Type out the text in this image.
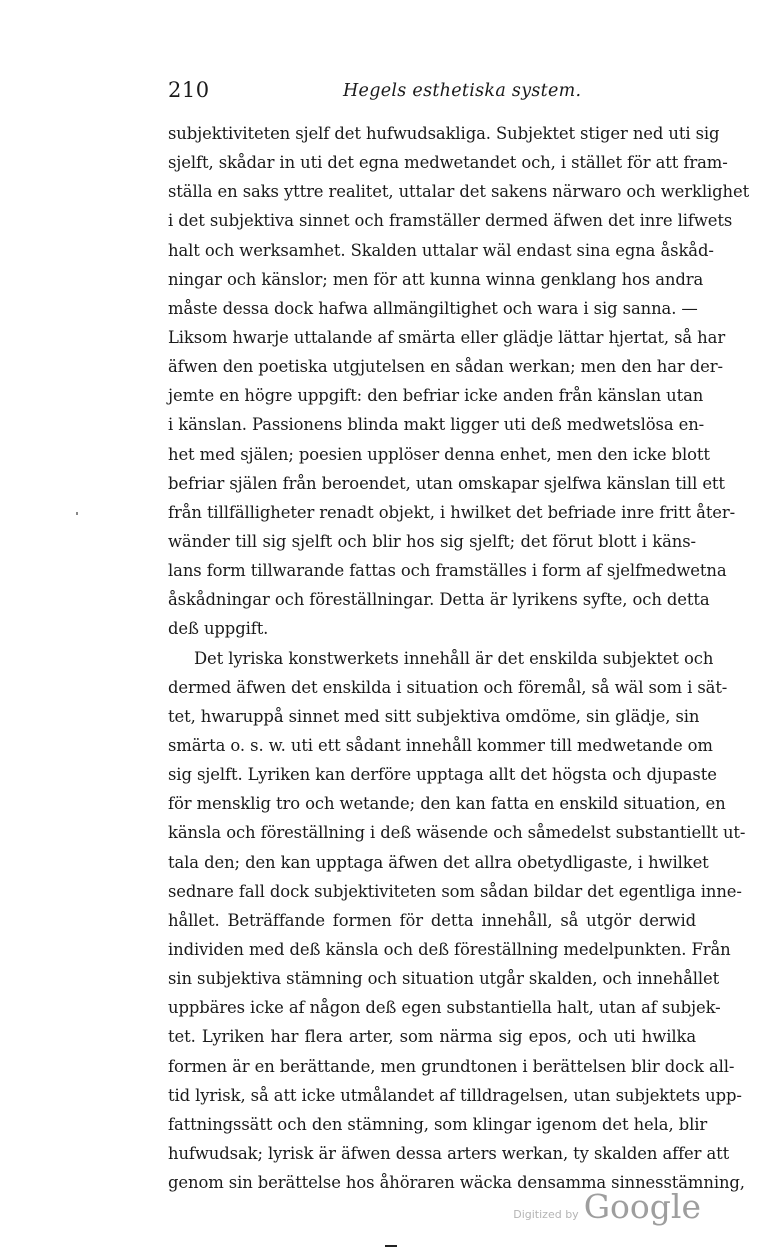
210	Hegels esthetiska system.
subjektiviteten sjelf det hufwudsakliga. Subjektet stiger ned uti sig
sjelft, skådar in uti det egna medwetandet och, i stället för att fram-
ställa en saks yttre realitet, uttalar det sakens närwaro och werklighet
i det subjektiva sinnet och framställer dermed äfwen det inre lifwets
halt och werksamhet. Skalden uttalar wäl endast sina egna åskåd-
ningar och känslor; men för att kunna winna genklang hos andra
måste dessa dock hafwa allmängiltighet och wara i sig sanna. —
Liksom hwarje uttalande af smärta eller glädje lättar hjertat, så har
äfwen den poetiska utgjutelsen en sådan werkan; men den har der-
jemte en högre uppgift: den befriar icke anden från känslan utan
i känslan. Passionens blinda makt ligger uti deß medwetslösa en-
het med själen; poesien upplöser denna enhet, men den icke blott
befriar själen från beroendet, utan omskapar sjelfwa känslan till ett
från tillfälligheter renadt objekt, i hwilket det befriade inre fritt åter-
wänder till sig sjelft och blir hos sig sjelft; det förut blott i käns-
lans form tillwarande fattas och framställes i form af sjelfmedwetna
åskådningar och föreställningar. Detta är lyrikens syfte, och detta
deß uppgift.
Det lyriska konstwerkets innehåll är det enskilda subjektet och
dermed äfwen det enskilda i situation och föremål, så wäl som i sät-
tet, hwaruppå sinnet med sitt subjektiva omdöme, sin glädje, sin
smärta o. s. w. uti ett sådant innehåll kommer till medwetande om
sig sjelft. Lyriken kan derföre upptaga allt det högsta och djupaste
för mensklig tro och wetande; den kan fatta en enskild situation, en
känsla och föreställning i deß wäsende och såmedelst substantiellt ut-
tala den; den kan upptaga äfwen det allra obetydligaste, i hwilket
sednare fall dock subjektiviteten som sådan bildar det egentliga inne-
hållet. Beträffande formen för detta innehåll, så utgör derwid
individen med deß känsla och deß föreställning medelpunkten. Från
sin subjektiva stämning och situation utgår skalden, och innehållet
uppbäres icke af någon deß egen substantiella halt, utan af subjek-
tet. Lyriken har flera arter, som närma sig epos, och uti hwilka
formen är en berättande, men grundtonen i berättelsen blir dock all-
tid lyrisk, så att icke utmålandet af tilldragelsen, utan subjektets upp-
fattningssätt och den stämning, som klingar igenom det hela, blir
hufwudsak; lyrisk är äfwen dessa arters werkan, ty skalden affer att
genom sin berättelse hos åhöraren wäcka densamma sinnesstämning,
Digitized by Google
